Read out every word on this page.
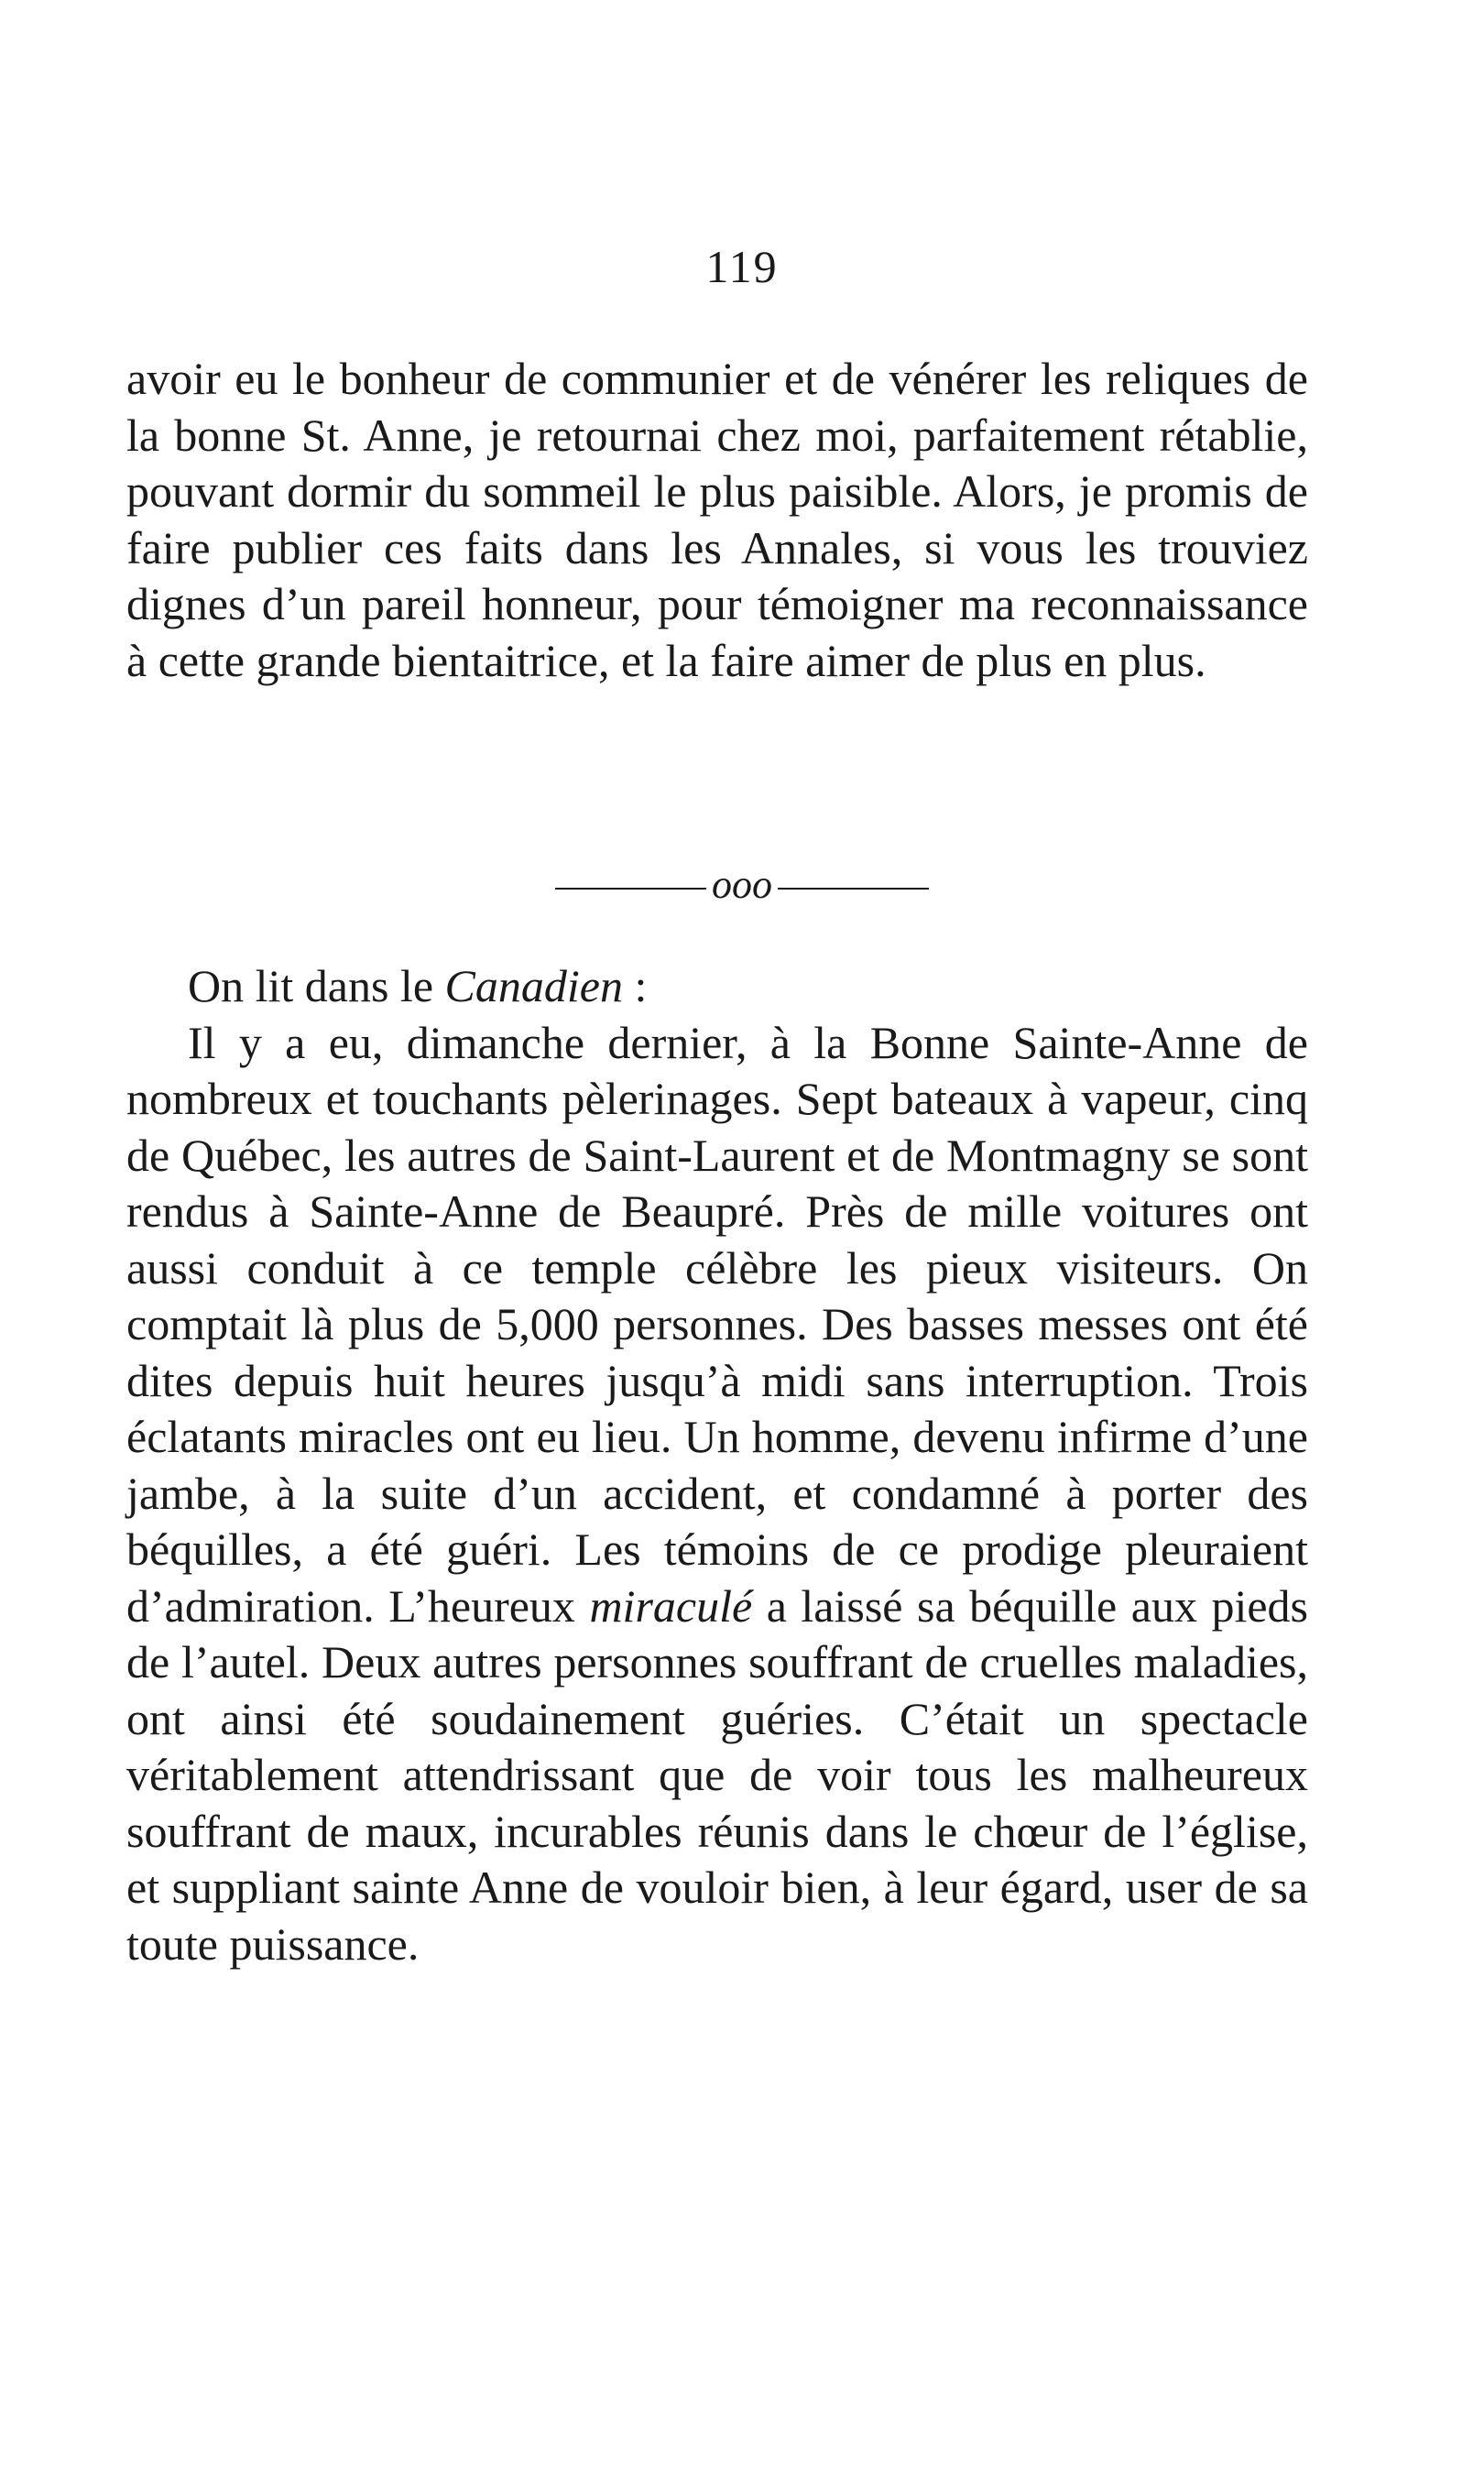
119

avoir eu le bonheur de communier et de vénérer les reliques de la bonne St. Anne, je retournai chez moi, parfaitement rétablie, pouvant dormir du sommeil le plus paisible. Alors, je promis de faire publier ces faits dans les Annales, si vous les trouviez dignes d’un pareil honneur, pour témoigner ma reconnaissance à cette grande bientaitrice, et la faire aimer de plus en plus.

ooo

On lit dans le Canadien :

Il y a eu, dimanche dernier, à la Bonne Sainte-Anne de nombreux et touchants pèlerinages. Sept bateaux à vapeur, cinq de Québec, les autres de Saint-Laurent et de Montmagny se sont rendus à Sainte-Anne de Beaupré. Près de mille voitures ont aussi conduit à ce temple célèbre les pieux visiteurs. On comptait là plus de 5,000 personnes. Des basses messes ont été dites depuis huit heures jusqu’à midi sans interruption. Trois éclatants miracles ont eu lieu. Un homme, devenu infirme d’une jambe, à la suite d’un accident, et condamné à porter des béquilles, a été guéri. Les témoins de ce prodige pleuraient d’admiration. L’heureux miraculé a laissé sa béquille aux pieds de l’autel. Deux autres personnes souffrant de cruelles maladies, ont ainsi été soudainement guéries. C’était un spectacle véritablement attendrissant que de voir tous les malheureux souffrant de maux, incurables réunis dans le chœur de l’église, et suppliant sainte Anne de vouloir bien, à leur égard, user de sa toute puissance.
